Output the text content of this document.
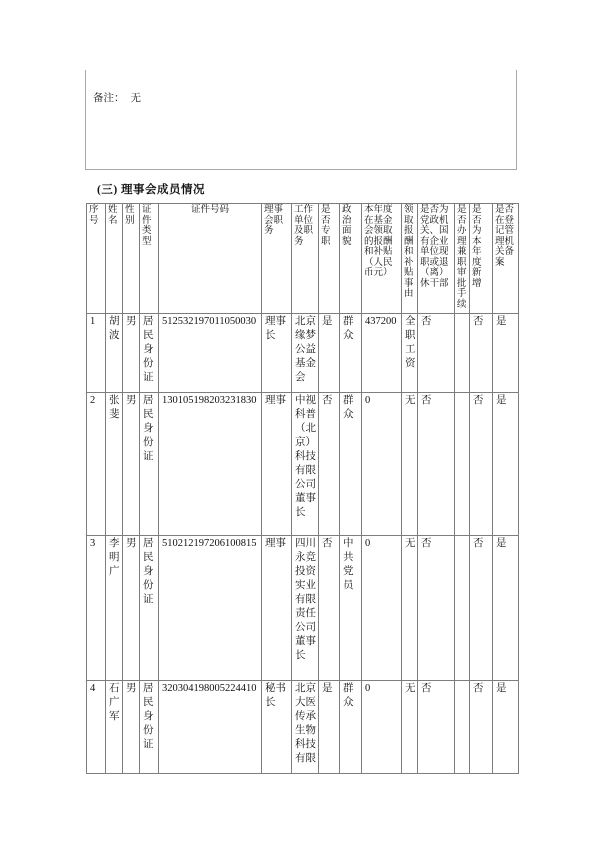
备注： 无
(三) 理事会成员情况
序号	姓名	性别	证件类型	证件号码	理事会职务	工作单位及职务	是否专职	政治面貌	本年度在基金会领取的报酬和补贴（人民币元）	领取报酬和补贴事由	是否为党政机关、国有企业单位现职或退（离）休干部	是否办理兼职审批手续	是否为本年度新增	是否在登记管理机关备案
1	胡波	男	居民身份证	512532197011050030	理事长	北京缘梦公益基金会	是	群众	437200	全职工资	否		否	是
2	张斐	男	居民身份证	130105198203231830	理事	中视科普（北京）科技有限公司董事长	否	群众	0	无	否		否	是
3	李明广	男	居民身份证	510212197206100815	理事	四川永竞投资实业有限责任公司董事长	否	中共党员	0	无	否		否	是
4	石广军	男	居民身份证	320304198005224410	秘书长	北京大医传承生物科技有限	是	群众	0	无	否		否	是
